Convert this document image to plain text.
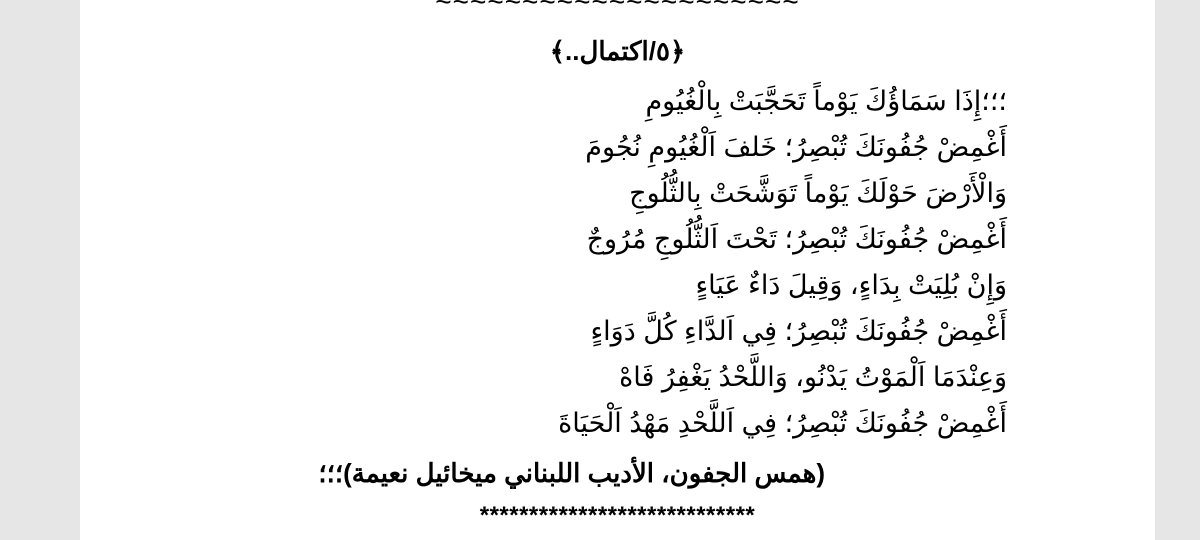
~~~~~~~~~~~~~~~~~~~~~
﴿٥/اكتمال..﴾
؛؛؛إِذَا سَمَاؤُكَ يَوْماً تَحَجَّبَتْ بِالْغُيُومِ
أَغْمِضْ جُفُونَكَ تُبْصِرُ؛ خَلفَ اَلْغُيُومِ نُجُومَ
وَالْأَرْضَ حَوْلَكَ يَوْماً تَوَشَّحَتْ بِالثُّلُوجِ
أَغْمِضْ جُفُونَكَ تُبْصِرُ؛ تَحْتَ اَلثُّلُوجِ مُرُوجٌ
وَإِنْ بُلِيَتْ بِدَاءٍ، وَقِيلَ دَاءٌ عَيَاءٍ
أَغْمِضْ جُفُونَكَ تُبْصِرُ؛ فِي اَلدَّاءِ كُلَّ دَوَاءٍ
وَعِنْدَمَا اَلْمَوْتُ يَدْنُو، وَاللَّحْدُ يَغْفِرُ فَاهْ
أَغْمِضْ جُفُونَكَ تُبْصِرُ؛ فِي اَللَّحْدِ مَهْدُ اَلْحَيَاةَ
(همس الجفون، الأديب اللبناني ميخائيل نعيمة)؛؛؛
****************************
